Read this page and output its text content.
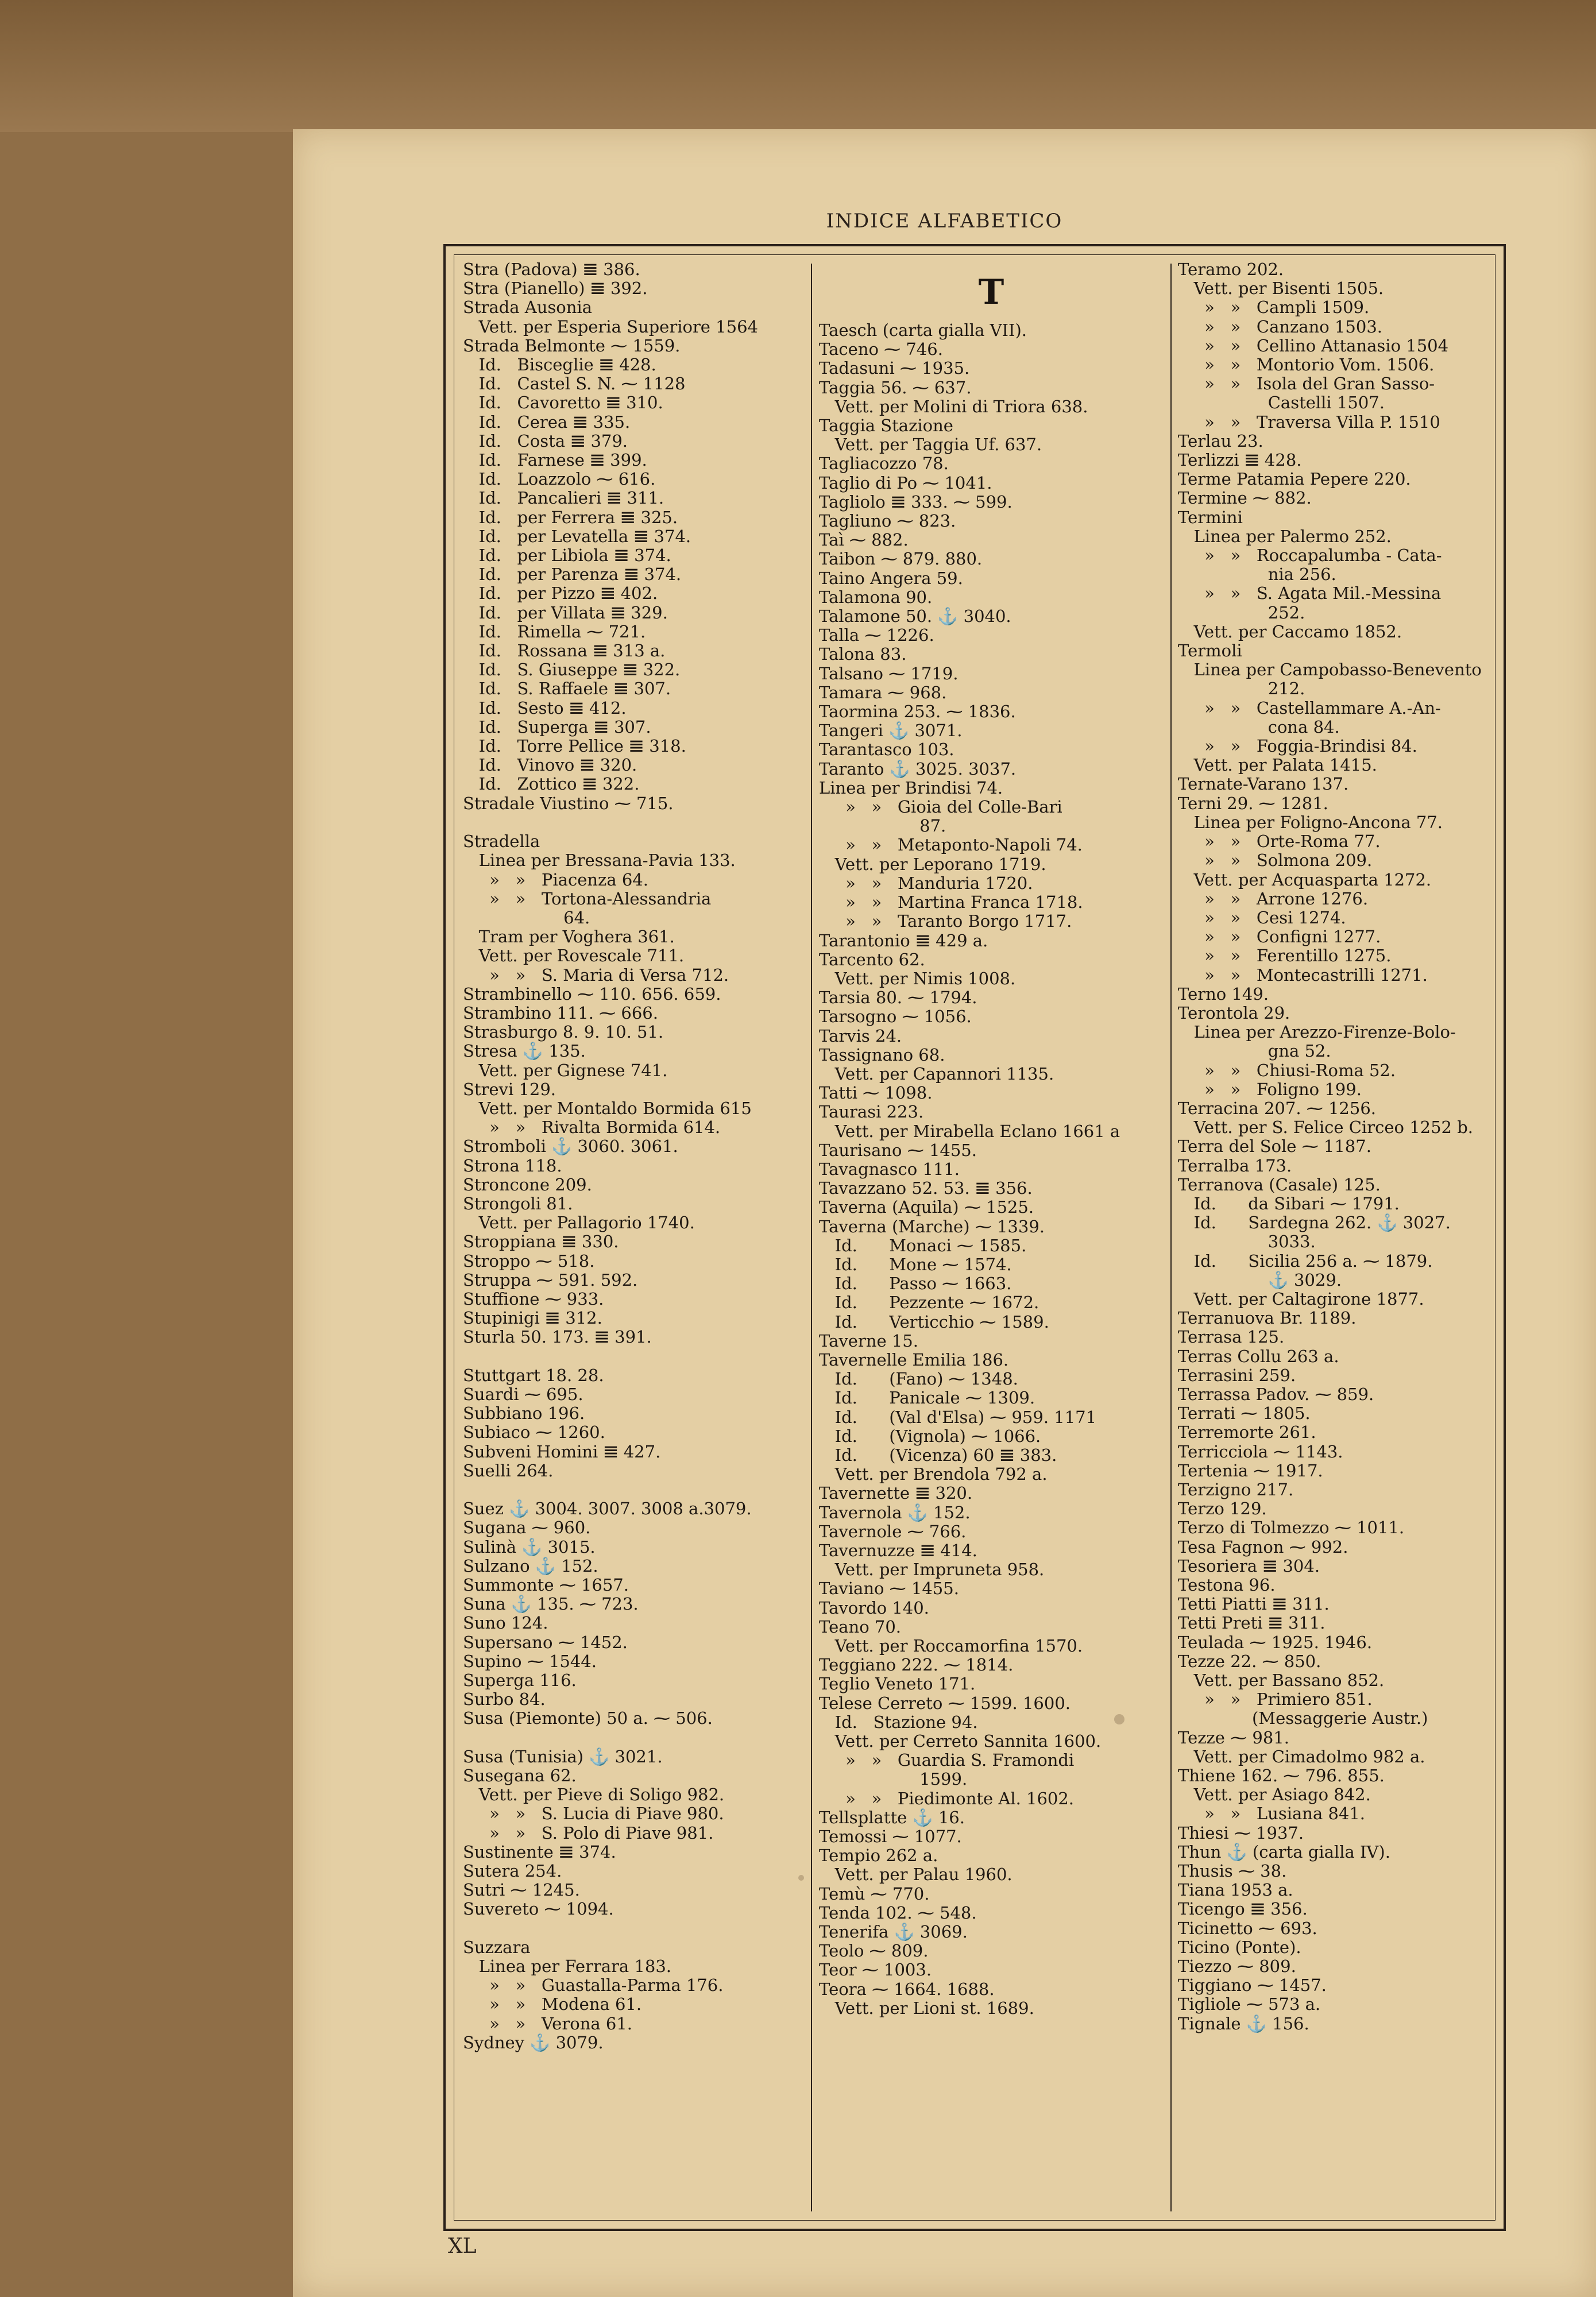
INDICE ALFABETICO
Stra (Padova) 𝌆 386.
Stra (Pianello) 𝌆 392.
Strada Ausonia
Vett. per Esperia Superiore 1564
Strada Belmonte ⁓ 1559.
Id.   Bisceglie 𝌆 428.
Id.   Castel S. N. ⁓ 1128
Id.   Cavoretto 𝌆 310.
Id.   Cerea 𝌆 335.
Id.   Costa 𝌆 379.
Id.   Farnese 𝌆 399.
Id.   Loazzolo ⁓ 616.
Id.   Pancalieri 𝌆 311.
Id.   per Ferrera 𝌆 325.
Id.   per Levatella 𝌆 374.
Id.   per Libiola 𝌆 374.
Id.   per Parenza 𝌆 374.
Id.   per Pizzo 𝌆 402.
Id.   per Villata 𝌆 329.
Id.   Rimella ⁓ 721.
Id.   Rossana 𝌆 313 a.
Id.   S. Giuseppe 𝌆 322.
Id.   S. Raffaele 𝌆 307.
Id.   Sesto 𝌆 412.
Id.   Superga 𝌆 307.
Id.   Torre Pellice 𝌆 318.
Id.   Vinovo 𝌆 320.
Id.   Zottico 𝌆 322.
Stradale Viustino ⁓ 715.

Stradella
Linea per Bressana-Pavia 133.
»   »   Piacenza 64.
»   »   Tortona-Alessandria
64.
Tram per Voghera 361.
Vett. per Rovescale 711.
»   »   S. Maria di Versa 712.
Strambinello ⁓ 110. 656. 659.
Strambino 111. ⁓ 666.
Strasburgo 8. 9. 10. 51.
Stresa ⚓ 135.
Vett. per Gignese 741.
Strevi 129.
Vett. per Montaldo Bormida 615
»   »   Rivalta Bormida 614.
Stromboli ⚓ 3060. 3061.
Strona 118.
Stroncone 209.
Strongoli 81.
Vett. per Pallagorio 1740.
Stroppiana 𝌆 330.
Stroppo ⁓ 518.
Struppa ⁓ 591. 592.
Stuffione ⁓ 933.
Stupinigi 𝌆 312.
Sturla 50. 173. 𝌆 391.

Stuttgart 18. 28.
Suardi ⁓ 695.
Subbiano 196.
Subiaco ⁓ 1260.
Subveni Homini 𝌆 427.
Suelli 264.

Suez ⚓ 3004. 3007. 3008 a.3079.
Sugana ⁓ 960.
Sulinà ⚓ 3015.
Sulzano ⚓ 152.
Summonte ⁓ 1657.
Suna ⚓ 135. ⁓ 723.
Suno 124.
Supersano ⁓ 1452.
Supino ⁓ 1544.
Superga 116.
Surbo 84.
Susa (Piemonte) 50 a. ⁓ 506.

Susa (Tunisia) ⚓ 3021.
Susegana 62.
Vett. per Pieve di Soligo 982.
»   »   S. Lucia di Piave 980.
»   »   S. Polo di Piave 981.
Sustinente 𝌆 374.
Sutera 254.
Sutri ⁓ 1245.
Suvereto ⁓ 1094.

Suzzara
Linea per Ferrara 183.
»   »   Guastalla-Parma 176.
»   »   Modena 61.
»   »   Verona 61.
Sydney ⚓ 3079.
T
Taesch (carta gialla VII).
Taceno ⁓ 746.
Tadasuni ⁓ 1935.
Taggia 56. ⁓ 637.
Vett. per Molini di Triora 638.
Taggia Stazione
Vett. per Taggia Uf. 637.
Tagliacozzo 78.
Taglio di Po ⁓ 1041.
Tagliolo 𝌆 333. ⁓ 599.
Tagliuno ⁓ 823.
Taì ⁓ 882.
Taibon ⁓ 879. 880.
Taino Angera 59.
Talamona 90.
Talamone 50. ⚓ 3040.
Talla ⁓ 1226.
Talona 83.
Talsano ⁓ 1719.
Tamara ⁓ 968.
Taormina 253. ⁓ 1836.
Tangeri ⚓ 3071.
Tarantasco 103.
Taranto ⚓ 3025. 3037.
Linea per Brindisi 74.
»   »   Gioia del Colle-Bari
87.
»   »   Metaponto-Napoli 74.
Vett. per Leporano 1719.
»   »   Manduria 1720.
»   »   Martina Franca 1718.
»   »   Taranto Borgo 1717.
Tarantonio 𝌆 429 a.
Tarcento 62.
Vett. per Nimis 1008.
Tarsia 80. ⁓ 1794.
Tarsogno ⁓ 1056.
Tarvis 24.
Tassignano 68.
Vett. per Capannori 1135.
Tatti ⁓ 1098.
Taurasi 223.
Vett. per Mirabella Eclano 1661 a
Taurisano ⁓ 1455.
Tavagnasco 111.
Tavazzano 52. 53. 𝌆 356.
Taverna (Aquila) ⁓ 1525.
Taverna (Marche) ⁓ 1339.
Id.      Monaci ⁓ 1585.
Id.      Mone ⁓ 1574.
Id.      Passo ⁓ 1663.
Id.      Pezzente ⁓ 1672.
Id.      Verticchio ⁓ 1589.
Taverne 15.
Tavernelle Emilia 186.
Id.      (Fano) ⁓ 1348.
Id.      Panicale ⁓ 1309.
Id.      (Val d'Elsa) ⁓ 959. 1171
Id.      (Vignola) ⁓ 1066.
Id.      (Vicenza) 60 𝌆 383.
Vett. per Brendola 792 a.
Tavernette 𝌆 320.
Tavernola ⚓ 152.
Tavernole ⁓ 766.
Tavernuzze 𝌆 414.
Vett. per Impruneta 958.
Taviano ⁓ 1455.
Tavordo 140.
Teano 70.
Vett. per Roccamorfina 1570.
Teggiano 222. ⁓ 1814.
Teglio Veneto 171.
Telese Cerreto ⁓ 1599. 1600.
Id.   Stazione 94.
Vett. per Cerreto Sannita 1600.
»   »   Guardia S. Framondi
1599.
»   »   Piedimonte Al. 1602.
Tellsplatte ⚓ 16.
Temossi ⁓ 1077.
Tempio 262 a.
Vett. per Palau 1960.
Temù ⁓ 770.
Tenda 102. ⁓ 548.
Tenerifa ⚓ 3069.
Teolo ⁓ 809.
Teor ⁓ 1003.
Teora ⁓ 1664. 1688.
Vett. per Lioni st. 1689.
Teramo 202.
Vett. per Bisenti 1505.
»   »   Campli 1509.
»   »   Canzano 1503.
»   »   Cellino Attanasio 1504
»   »   Montorio Vom. 1506.
»   »   Isola del Gran Sasso-
Castelli 1507.
»   »   Traversa Villa P. 1510
Terlau 23.
Terlizzi 𝌆 428.
Terme Patamia Pepere 220.
Termine ⁓ 882.
Termini
Linea per Palermo 252.
»   »   Roccapalumba - Cata-
nia 256.
»   »   S. Agata Mil.-Messina
252.
Vett. per Caccamo 1852.
Termoli
Linea per Campobasso-Benevento
212.
»   »   Castellammare A.-An-
cona 84.
»   »   Foggia-Brindisi 84.
Vett. per Palata 1415.
Ternate-Varano 137.
Terni 29. ⁓ 1281.
Linea per Foligno-Ancona 77.
»   »   Orte-Roma 77.
»   »   Solmona 209.
Vett. per Acquasparta 1272.
»   »   Arrone 1276.
»   »   Cesi 1274.
»   »   Configni 1277.
»   »   Ferentillo 1275.
»   »   Montecastrilli 1271.
Terno 149.
Terontola 29.
Linea per Arezzo-Firenze-Bolo-
gna 52.
»   »   Chiusi-Roma 52.
»   »   Foligno 199.
Terracina 207. ⁓ 1256.
Vett. per S. Felice Circeo 1252 b.
Terra del Sole ⁓ 1187.
Terralba 173.
Terranova (Casale) 125.
Id.      da Sibari ⁓ 1791.
Id.      Sardegna 262. ⚓ 3027.
3033.
Id.      Sicilia 256 a. ⁓ 1879.
⚓ 3029.
Vett. per Caltagirone 1877.
Terranuova Br. 1189.
Terrasa 125.
Terras Collu 263 a.
Terrasini 259.
Terrassa Padov. ⁓ 859.
Terrati ⁓ 1805.
Terremorte 261.
Terricciola ⁓ 1143.
Tertenia ⁓ 1917.
Terzigno 217.
Terzo 129.
Terzo di Tolmezzo ⁓ 1011.
Tesa Fagnon ⁓ 992.
Tesoriera 𝌆 304.
Testona 96.
Tetti Piatti 𝌆 311.
Tetti Preti 𝌆 311.
Teulada ⁓ 1925. 1946.
Tezze 22. ⁓ 850.
Vett. per Bassano 852.
»   »   Primiero 851.
(Messaggerie Austr.)
Tezze ⁓ 981.
Vett. per Cimadolmo 982 a.
Thiene 162. ⁓ 796. 855.
Vett. per Asiago 842.
»   »   Lusiana 841.
Thiesi ⁓ 1937.
Thun ⚓ (carta gialla IV).
Thusis ⁓ 38.
Tiana 1953 a.
Ticengo 𝌆 356.
Ticinetto ⁓ 693.
Ticino (Ponte).
Tiezzo ⁓ 809.
Tiggiano ⁓ 1457.
Tigliole ⁓ 573 a.
Tignale ⚓ 156.
XL
